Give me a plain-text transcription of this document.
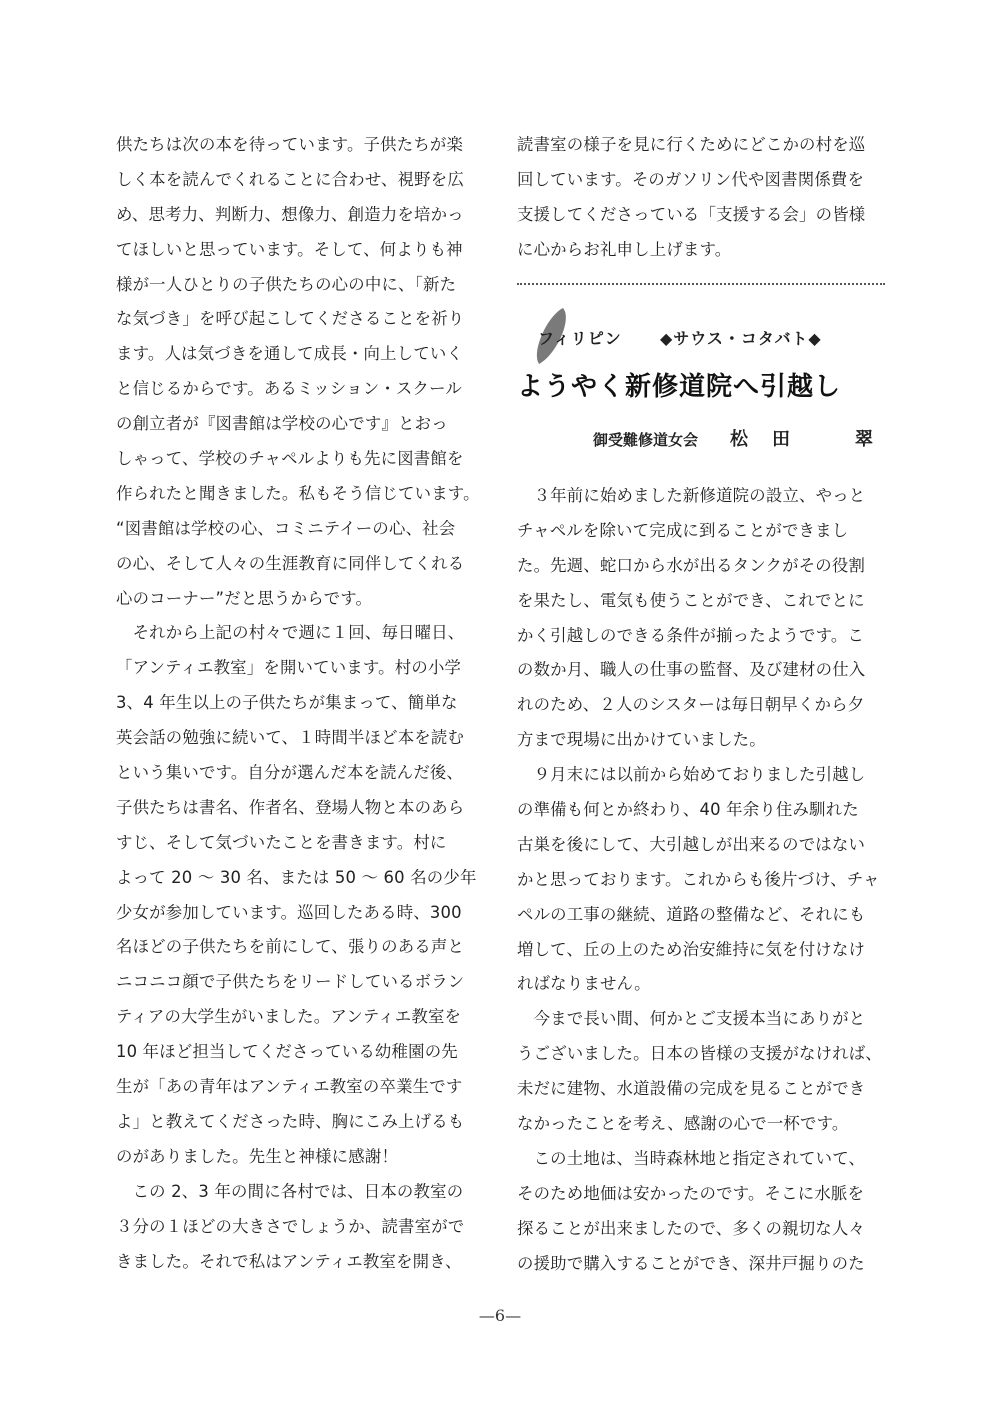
供たちは次の本を待っています。子供たちが楽
しく本を読んでくれることに合わせ、視野を広
め、思考力、判断力、想像力、創造力を培かっ
てほしいと思っています。そして、何よりも神
様が一人ひとりの子供たちの心の中に、「新た
な気づき」を呼び起こしてくださることを祈り
ます。人は気づきを通して成長・向上していく
と信じるからです。あるミッション・スクール
の創立者が『図書館は学校の心です』とおっ
しゃって、学校のチャペルよりも先に図書館を
作られたと聞きました。私もそう信じています。
“図書館は学校の心、コミニテイーの心、社会
の心、そして人々の生涯教育に同伴してくれる
心のコーナー”だと思うからです。
　それから上記の村々で週に１回、毎日曜日、
「アンティエ教室」を開いています。村の小学
3、4 年生以上の子供たちが集まって、簡単な
英会話の勉強に続いて、１時間半ほど本を読む
という集いです。自分が選んだ本を読んだ後、
子供たちは書名、作者名、登場人物と本のあら
すじ、そして気づいたことを書きます。村に
よって 20 ～ 30 名、または 50 ～ 60 名の少年
少女が参加しています。巡回したある時、300
名ほどの子供たちを前にして、張りのある声と
ニコニコ顔で子供たちをリードしているボラン
ティアの大学生がいました。アンティエ教室を
10 年ほど担当してくださっている幼稚園の先
生が「あの青年はアンティエ教室の卒業生です
よ」と教えてくださった時、胸にこみ上げるも
のがありました。先生と神様に感謝！
　この 2、3 年の間に各村では、日本の教室の
３分の１ほどの大きさでしょうか、読書室がで
きました。それで私はアンティエ教室を開き、
読書室の様子を見に行くためにどこかの村を巡
回しています。そのガソリン代や図書関係費を
支援してくださっている「支援する会」の皆様
に心からお礼申し上げます。
フィリピン ◆サウス・コタバト◆
ようやく新修道院へ引越し
御受難修道女会 松田 翠
　３年前に始めました新修道院の設立、やっと
チャペルを除いて完成に到ることができまし
た。先週、蛇口から水が出るタンクがその役割
を果たし、電気も使うことができ、これでとに
かく引越しのできる条件が揃ったようです。こ
の数か月、職人の仕事の監督、及び建材の仕入
れのため、２人のシスターは毎日朝早くから夕
方まで現場に出かけていました。
　９月末には以前から始めておりました引越し
の準備も何とか終わり、40 年余り住み馴れた
古巣を後にして、大引越しが出来るのではない
かと思っております。これからも後片づけ、チャ
ペルの工事の継続、道路の整備など、それにも
増して、丘の上のため治安維持に気を付けなけ
ればなりません。
　今まで長い間、何かとご支援本当にありがと
うございました。日本の皆様の支援がなければ、
未だに建物、水道設備の完成を見ることができ
なかったことを考え、感謝の心で一杯です。
　この土地は、当時森林地と指定されていて、
そのため地価は安かったのです。そこに水脈を
探ることが出来ましたので、多くの親切な人々
の援助で購入することができ、深井戸掘りのた
—6—
